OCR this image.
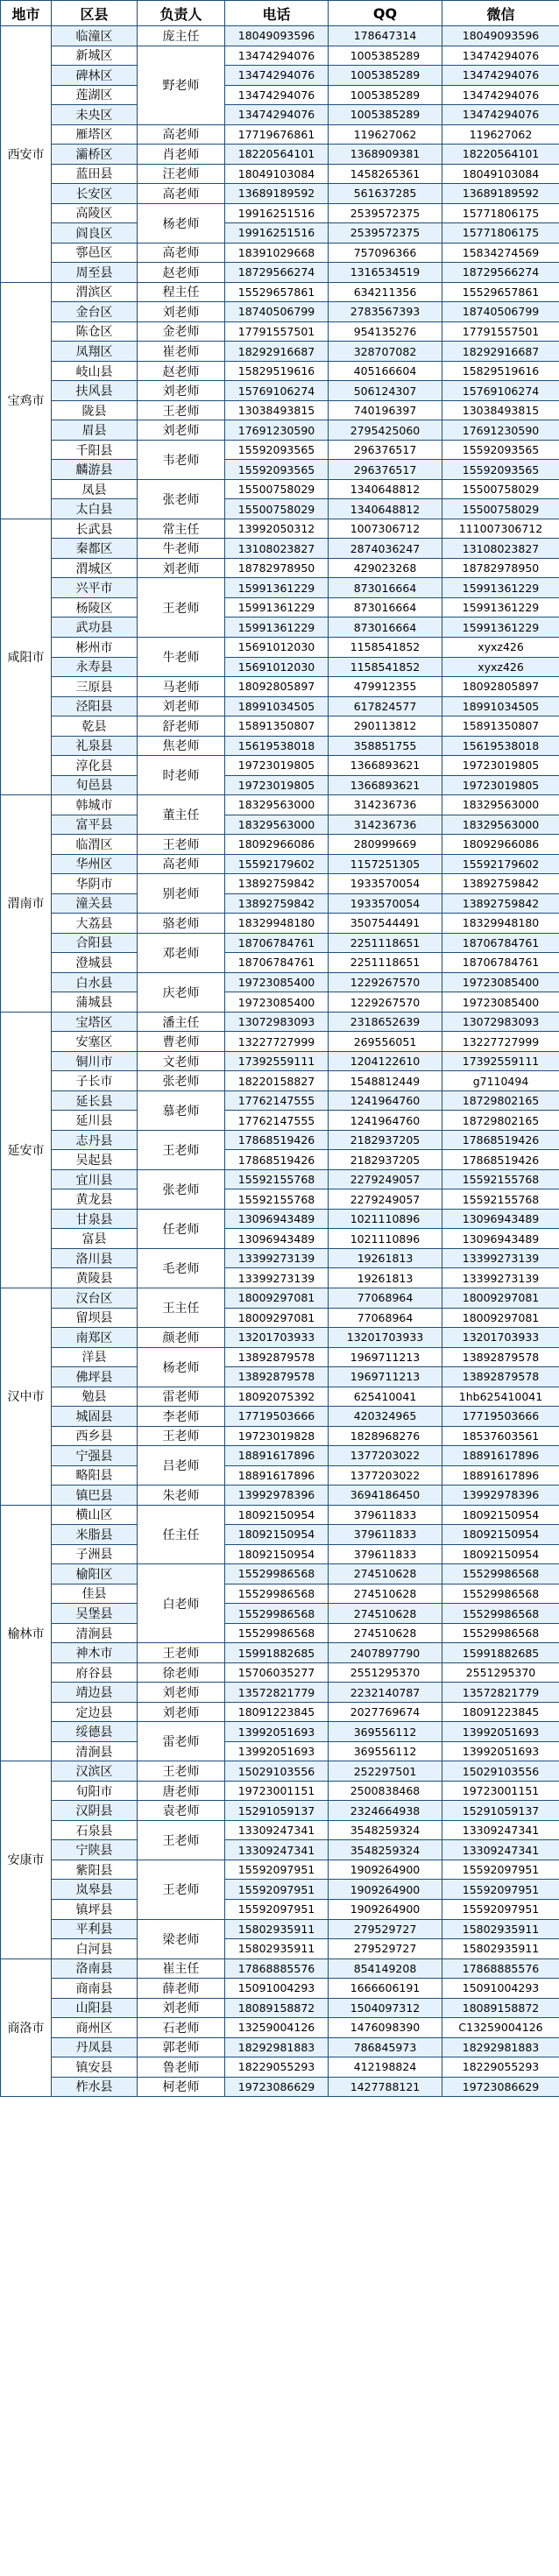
地市	区县	负责人	电话	QQ	微信
西安市	临潼区	庞主任	18049093596	178647314	18049093596
	新城区	野老师	13474294076	1005385289	13474294076
	碑林区		13474294076	1005385289	13474294076
	莲湖区		13474294076	1005385289	13474294076
	未央区		13474294076	1005385289	13474294076
	雁塔区	高老师	17719676861	119627062	119627062
	灞桥区	肖老师	18220564101	1368909381	18220564101
	蓝田县	汪老师	18049103084	1458265361	18049103084
	长安区	高老师	13689189592	561637285	13689189592
	高陵区	杨老师	19916251516	2539572375	15771806175
	阎良区		19916251516	2539572375	15771806175
	鄠邑区	高老师	18391029668	757096366	15834274569
	周至县	赵老师	18729566274	1316534519	18729566274
宝鸡市	渭滨区	程主任	15529657861	634211356	15529657861
	金台区	刘老师	18740506799	2783567393	18740506799
	陈仓区	金老师	17791557501	954135276	17791557501
	凤翔区	崔老师	18292916687	328707082	18292916687
	岐山县	赵老师	15829519616	405166604	15829519616
	扶风县	刘老师	15769106274	506124307	15769106274
	陇县	王老师	13038493815	740196397	13038493815
	眉县	刘老师	17691230590	2795425060	17691230590
	千阳县	韦老师	15592093565	296376517	15592093565
	麟游县		15592093565	296376517	15592093565
	凤县	张老师	15500758029	1340648812	15500758029
	太白县		15500758029	1340648812	15500758029
咸阳市	长武县	常主任	13992050312	1007306712	111007306712
	秦都区	牛老师	13108023827	2874036247	13108023827
	渭城区	刘老师	18782978950	429023268	18782978950
	兴平市	王老师	15991361229	873016664	15991361229
	杨陵区		15991361229	873016664	15991361229
	武功县		15991361229	873016664	15991361229
	彬州市	牛老师	15691012030	1158541852	xyxz426
	永寿县		15691012030	1158541852	xyxz426
	三原县	马老师	18092805897	479912355	18092805897
	泾阳县	刘老师	18991034505	617824577	18991034505
	乾县	舒老师	15891350807	290113812	15891350807
	礼泉县	焦老师	15619538018	358851755	15619538018
	淳化县	时老师	19723019805	1366893621	19723019805
	旬邑县		19723019805	1366893621	19723019805
渭南市	韩城市	董主任	18329563000	314236736	18329563000
	富平县		18329563000	314236736	18329563000
	临渭区	王老师	18092966086	280999669	18092966086
	华州区	高老师	15592179602	1157251305	15592179602
	华阴市	别老师	13892759842	1933570054	13892759842
	潼关县		13892759842	1933570054	13892759842
	大荔县	骆老师	18329948180	3507544491	18329948180
	合阳县	邓老师	18706784761	2251118651	18706784761
	澄城县		18706784761	2251118651	18706784761
	白水县	庆老师	19723085400	1229267570	19723085400
	蒲城县		19723085400	1229267570	19723085400
延安市	宝塔区	潘主任	13072983093	2318652639	13072983093
	安塞区	曹老师	13227727999	269556051	13227727999
	铜川市	文老师	17392559111	1204122610	17392559111
	子长市	张老师	18220158827	1548812449	g7110494
	延长县	慕老师	17762147555	1241964760	18729802165
	延川县		17762147555	1241964760	18729802165
	志丹县	王老师	17868519426	2182937205	17868519426
	吴起县		17868519426	2182937205	17868519426
	宜川县	张老师	15592155768	2279249057	15592155768
	黄龙县		15592155768	2279249057	15592155768
	甘泉县	任老师	13096943489	1021110896	13096943489
	富县		13096943489	1021110896	13096943489
	洛川县	毛老师	13399273139	19261813	13399273139
	黄陵县		13399273139	19261813	13399273139
汉中市	汉台区	王主任	18009297081	77068964	18009297081
	留坝县		18009297081	77068964	18009297081
	南郑区	颜老师	13201703933	13201703933	13201703933
	洋县	杨老师	13892879578	1969711213	13892879578
	佛坪县		13892879578	1969711213	13892879578
	勉县	雷老师	18092075392	625410041	1hb625410041
	城固县	李老师	17719503666	420324965	17719503666
	西乡县	王老师	19723019828	1828968276	18537603561
	宁强县	吕老师	18891617896	1377203022	18891617896
	略阳县		18891617896	1377203022	18891617896
	镇巴县	朱老师	13992978396	3694186450	13992978396
榆林市	横山区	任主任	18092150954	379611833	18092150954
	米脂县		18092150954	379611833	18092150954
	子洲县		18092150954	379611833	18092150954
	榆阳区	白老师	15529986568	274510628	15529986568
	佳县		15529986568	274510628	15529986568
	吴堡县		15529986568	274510628	15529986568
	清涧县		15529986568	274510628	15529986568
	神木市	王老师	15991882685	2407897790	15991882685
	府谷县	徐老师	15706035277	2551295370	2551295370
	靖边县	刘老师	13572821779	2232140787	13572821779
	定边县	刘老师	18091223845	2027769674	18091223845
	绥德县	雷老师	13992051693	369556112	13992051693
	清涧县		13992051693	369556112	13992051693
安康市	汉滨区	王老师	15029103556	252297501	15029103556
	旬阳市	唐老师	19723001151	2500838468	19723001151
	汉阴县	袁老师	15291059137	2324664938	15291059137
	石泉县	王老师	13309247341	3548259324	13309247341
	宁陕县		13309247341	3548259324	13309247341
	紫阳县	王老师	15592097951	1909264900	15592097951
	岚皋县		15592097951	1909264900	15592097951
	镇坪县		15592097951	1909264900	15592097951
	平利县	梁老师	15802935911	279529727	15802935911
	白河县		15802935911	279529727	15802935911
商洛市	洛南县	崔主任	17868885576	854149208	17868885576
	商南县	薛老师	15091004293	1666606191	15091004293
	山阳县	刘老师	18089158872	1504097312	18089158872
	商州区	石老师	13259004126	1476098390	C13259004126
	丹凤县	郭老师	18292981883	786845973	18292981883
	镇安县	鲁老师	18229055293	412198824	18229055293
	柞水县	柯老师	19723086629	1427788121	19723086629
